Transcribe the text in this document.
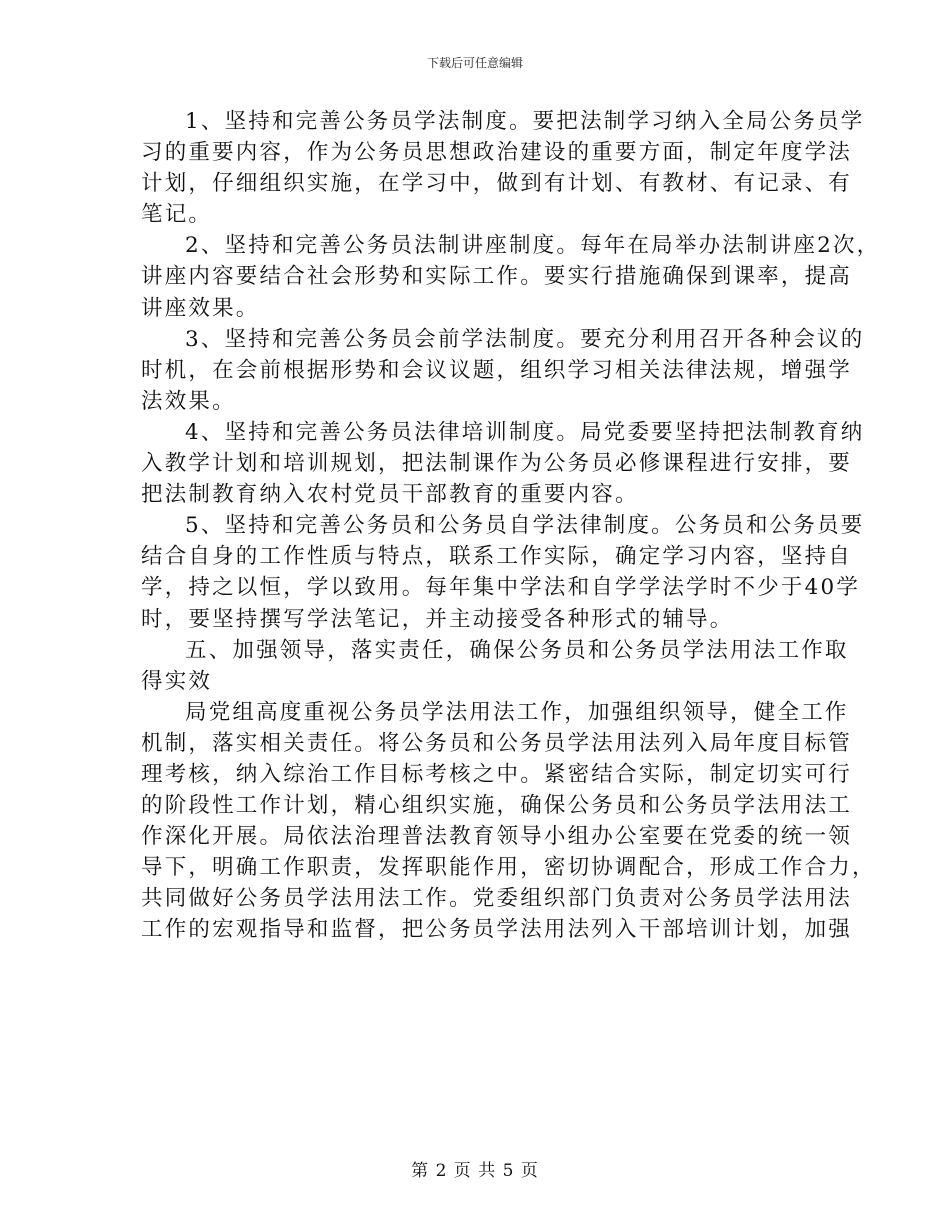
下载后可任意编辑
1、坚持和完善公务员学法制度。要把法制学习纳入全局公务员学
习的重要内容，作为公务员思想政治建设的重要方面，制定年度学法
计划，仔细组织实施，在学习中，做到有计划、有教材、有记录、有
笔记。
2、坚持和完善公务员法制讲座制度。每年在局举办法制讲座2次，
讲座内容要结合社会形势和实际工作。要实行措施确保到课率，提高
讲座效果。
3、坚持和完善公务员会前学法制度。要充分利用召开各种会议的
时机，在会前根据形势和会议议题，组织学习相关法律法规，增强学
法效果。
4、坚持和完善公务员法律培训制度。局党委要坚持把法制教育纳
入教学计划和培训规划，把法制课作为公务员必修课程进行安排，要
把法制教育纳入农村党员干部教育的重要内容。
5、坚持和完善公务员和公务员自学法律制度。公务员和公务员要
结合自身的工作性质与特点，联系工作实际，确定学习内容，坚持自
学，持之以恒，学以致用。每年集中学法和自学学法学时不少于40学
时，要坚持撰写学法笔记，并主动接受各种形式的辅导。
五、加强领导，落实责任，确保公务员和公务员学法用法工作取
得实效
局党组高度重视公务员学法用法工作，加强组织领导，健全工作
机制，落实相关责任。将公务员和公务员学法用法列入局年度目标管
理考核，纳入综治工作目标考核之中。紧密结合实际，制定切实可行
的阶段性工作计划，精心组织实施，确保公务员和公务员学法用法工
作深化开展。局依法治理普法教育领导小组办公室要在党委的统一领
导下，明确工作职责，发挥职能作用，密切协调配合，形成工作合力，
共同做好公务员学法用法工作。党委组织部门负责对公务员学法用法
工作的宏观指导和监督，把公务员学法用法列入干部培训计划，加强
第 2 页 共 5 页
